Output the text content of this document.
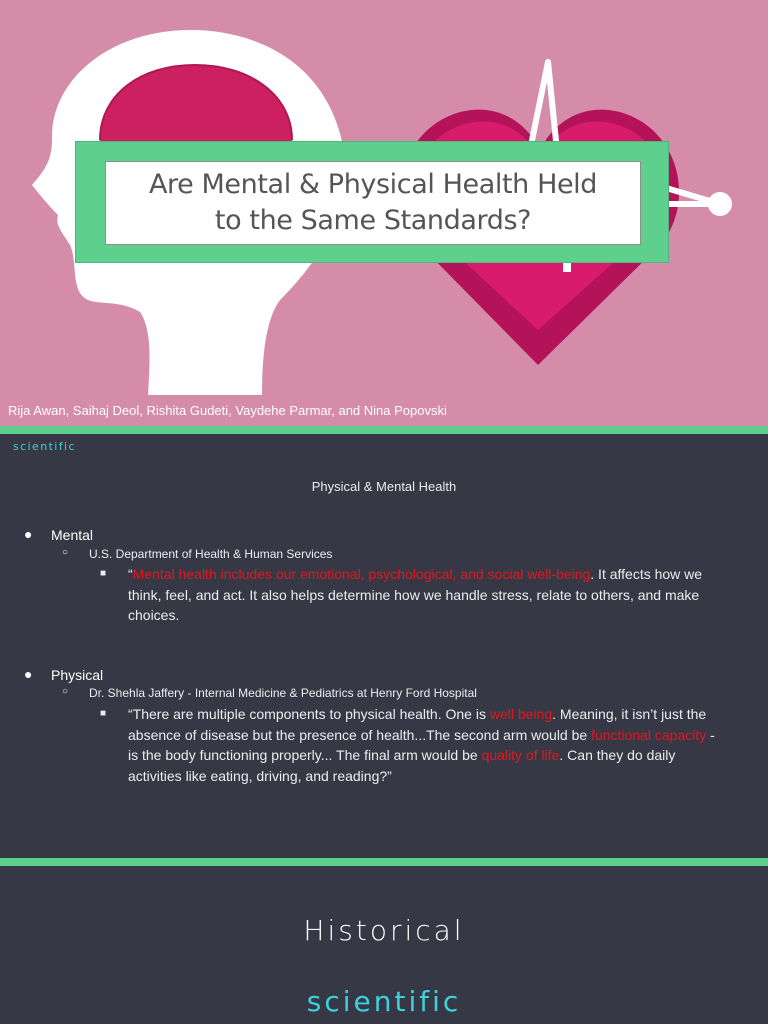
Are Mental & Physical Health Held
to the Same Standards?
Rija Awan, Saihaj Deol, Rishita Gudeti, Vaydehe Parmar, and Nina Popovski
scientific
Physical & Mental Health
● Mental
○ U.S. Department of Health & Human Services
■ “Mental health includes our emotional, psychological, and social well-being. It affects how we think, feel, and act. It also helps determine how we handle stress, relate to others, and make choices.
● Physical
○ Dr. Shehla Jaffery - Internal Medicine & Pediatrics at Henry Ford Hospital
■ “There are multiple components to physical health. One is well being. Meaning, it isn’t just the absence of disease but the presence of health...The second arm would be functional capacity - is the body functioning properly... The final arm would be quality of life. Can they do daily activities like eating, driving, and reading?”
Historical
scientific
